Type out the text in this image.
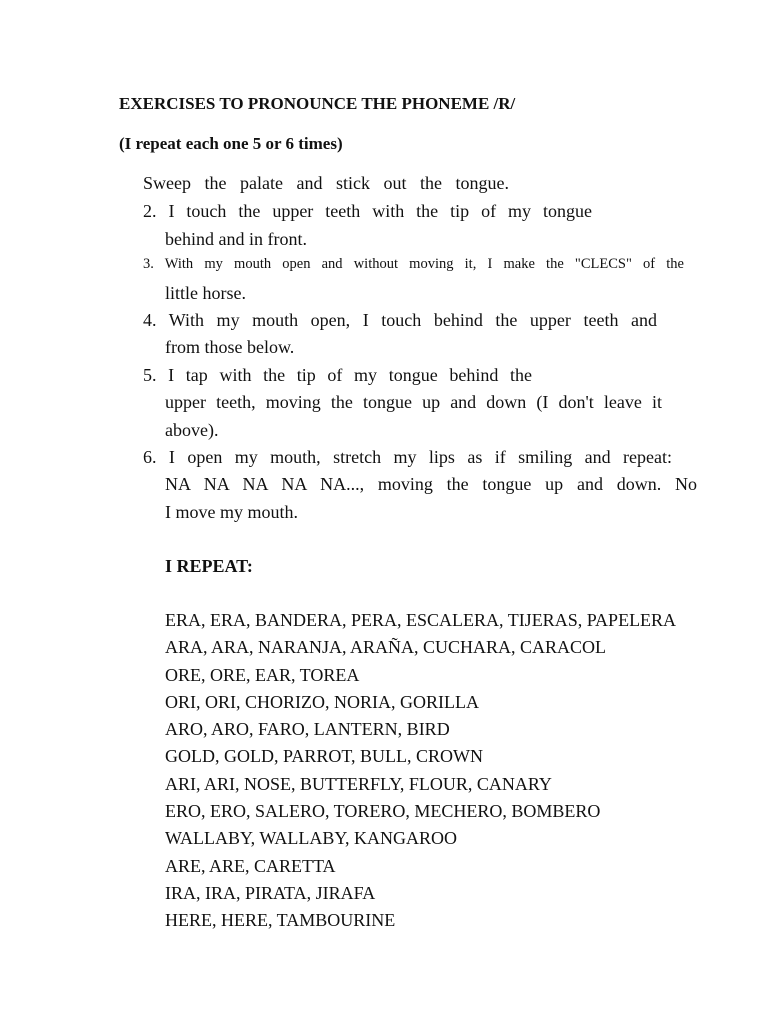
EXERCISES TO PRONOUNCE THE PHONEME /R/
(I repeat each one 5 or 6 times)
Sweep the palate and stick out the tongue.
2. I touch the upper teeth with the tip of my tongue
behind and in front.
3. With my mouth open and without moving it, I make the "CLECS" of the
little horse.
4. With my mouth open, I touch behind the upper teeth and
from those below.
5. I tap with the tip of my tongue behind the
upper teeth, moving the tongue up and down (I don't leave it
above).
6. I open my mouth, stretch my lips as if smiling and repeat:
NA NA NA NA NA..., moving the tongue up and down. No
I move my mouth.
I REPEAT:
ERA, ERA, BANDERA, PERA, ESCALERA, TIJERAS, PAPELERA
ARA, ARA, NARANJA, ARAÑA, CUCHARA, CARACOL
ORE, ORE, EAR, TOREA
ORI, ORI, CHORIZO, NORIA, GORILLA
ARO, ARO, FARO, LANTERN, BIRD
GOLD, GOLD, PARROT, BULL, CROWN
ARI, ARI, NOSE, BUTTERFLY, FLOUR, CANARY
ERO, ERO, SALERO, TORERO, MECHERO, BOMBERO
WALLABY, WALLABY, KANGAROO
ARE, ARE, CARETTA
IRA, IRA, PIRATA, JIRAFA
HERE, HERE, TAMBOURINE
